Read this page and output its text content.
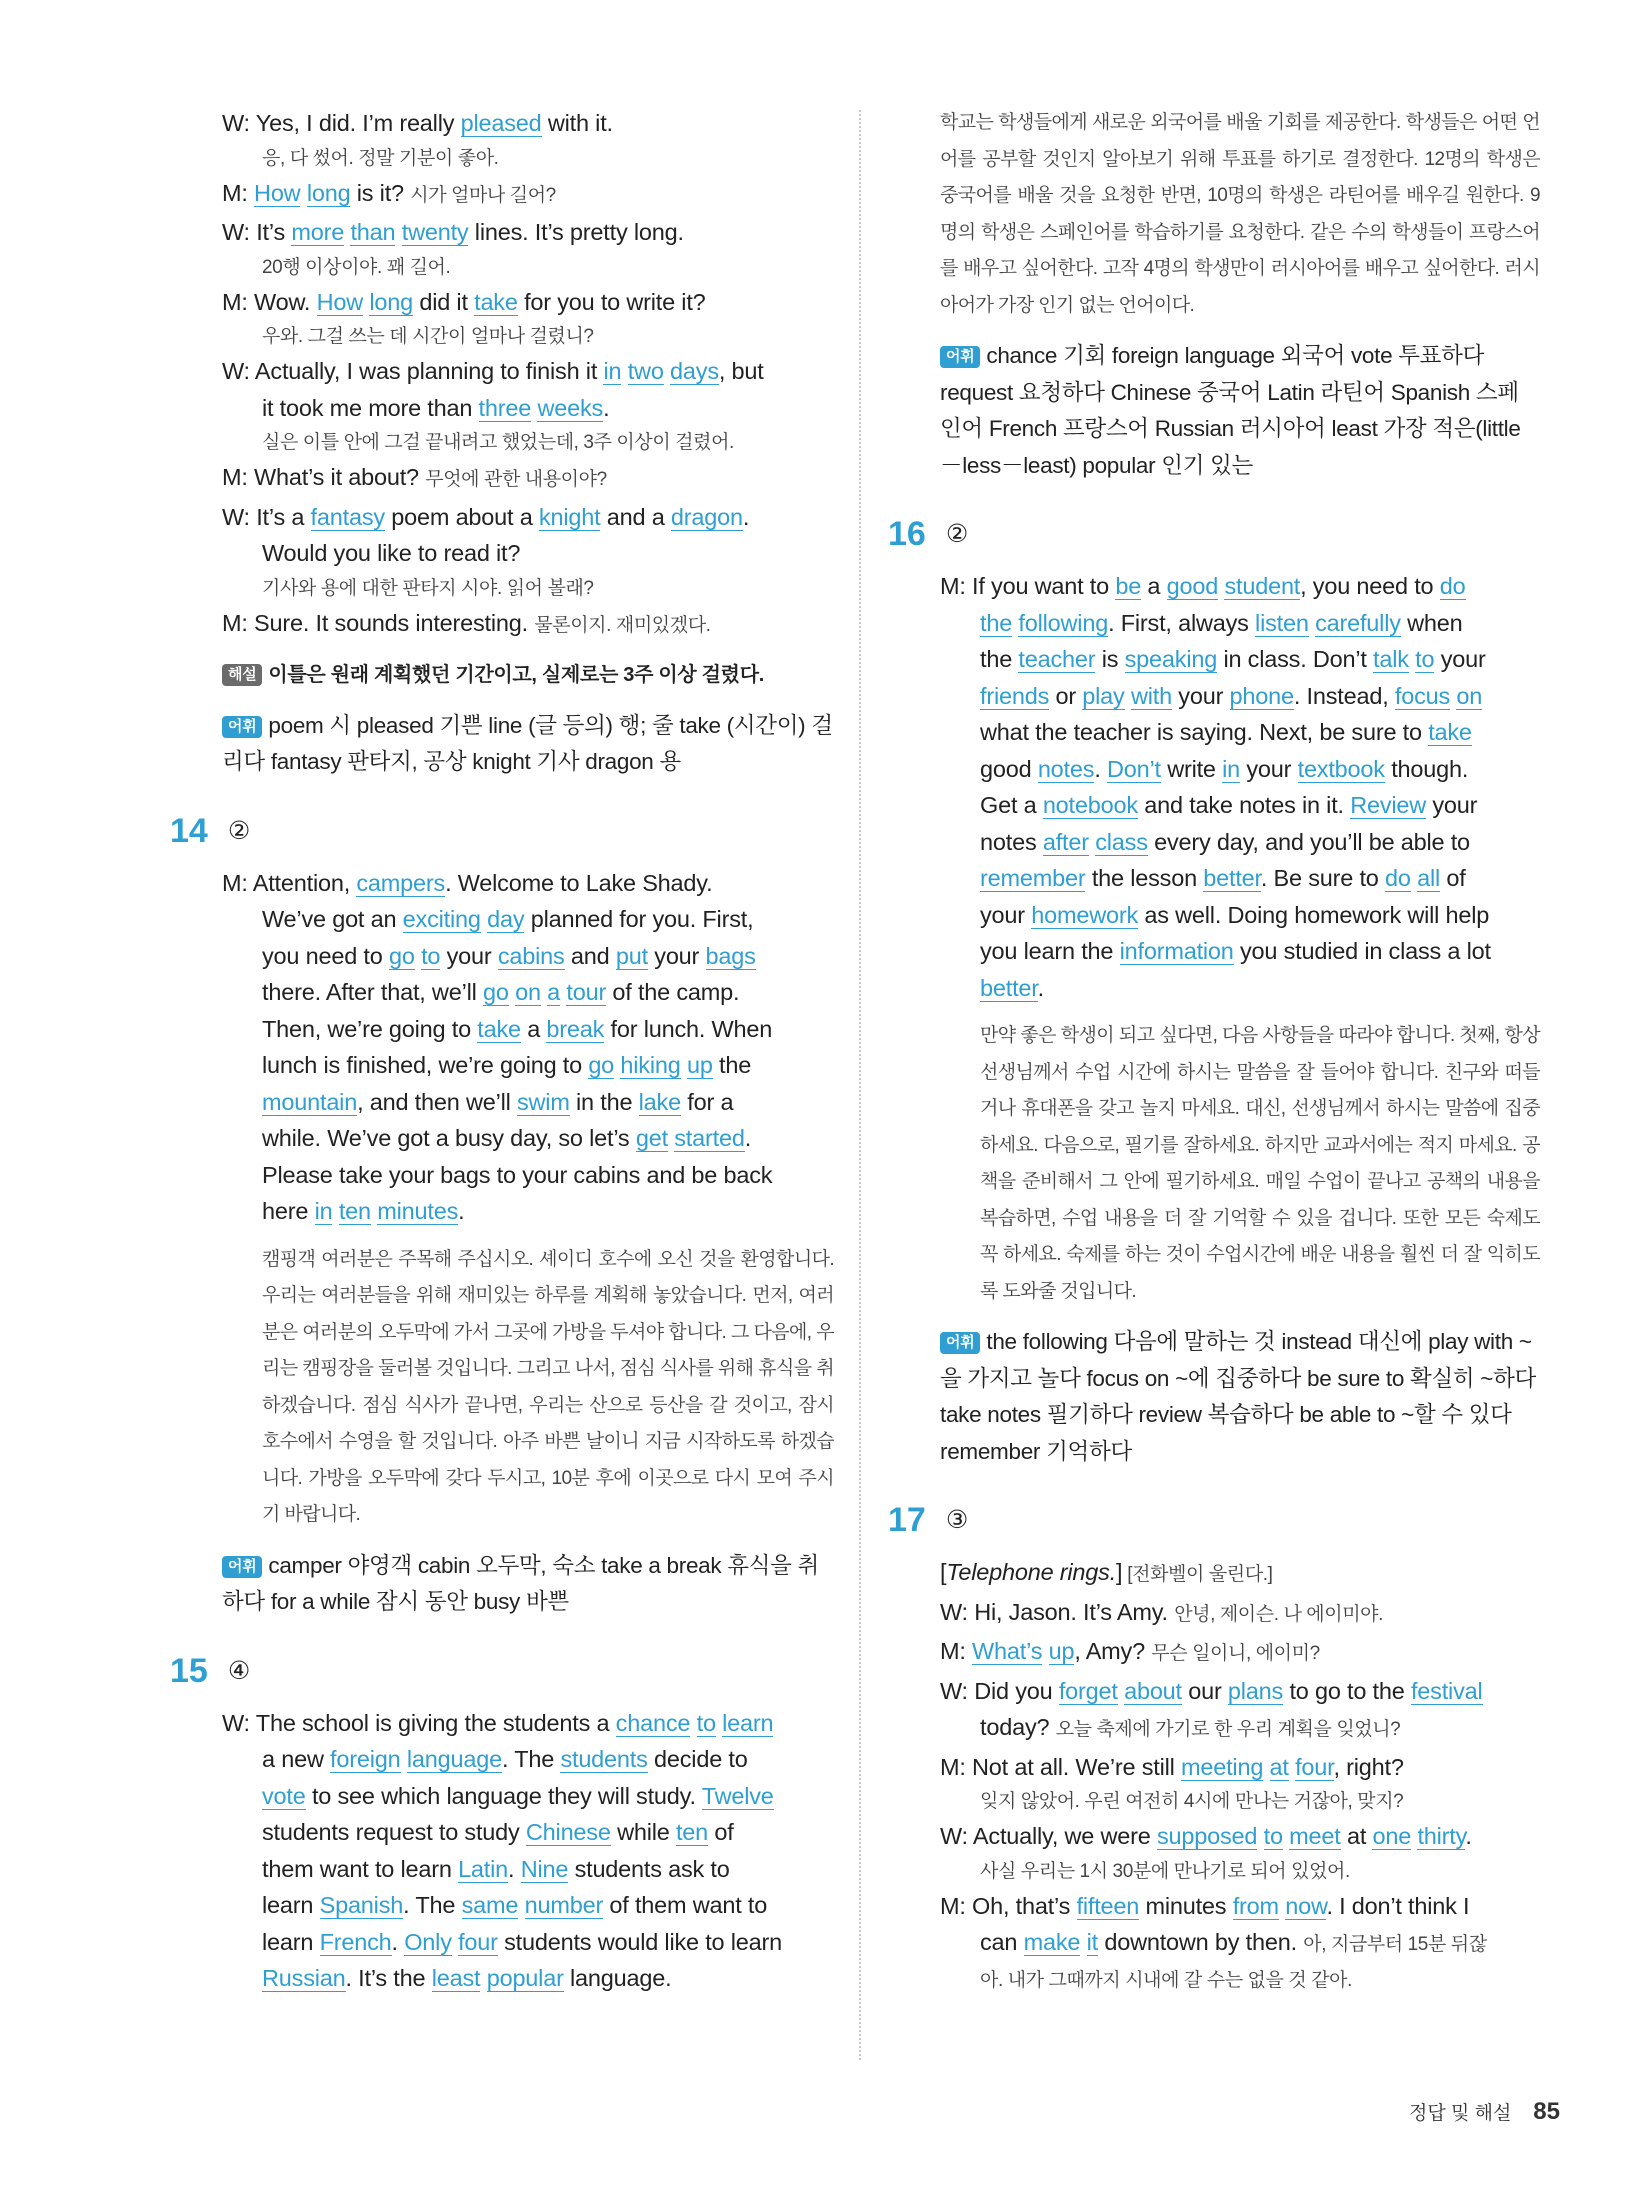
W: Yes, I did. I’m really pleased with it.
응, 다 썼어. 정말 기분이 좋아.
M: How long is it? 시가 얼마나 길어?
W: It’s more than twenty lines. It’s pretty long.
20행 이상이야. 꽤 길어.
M: Wow. How long did it take for you to write it?
우와. 그걸 쓰는 데 시간이 얼마나 걸렸니?
W: Actually, I was planning to finish it in two days, but
it took me more than three weeks.
실은 이틀 안에 그걸 끝내려고 했었는데, 3주 이상이 걸렸어.
M: What’s it about? 무엇에 관한 내용이야?
W: It’s a fantasy poem about a knight and a dragon.
Would you like to read it?
기사와 용에 대한 판타지 시야. 읽어 볼래?
M: Sure. It sounds interesting. 물론이지. 재미있겠다.
해설 이틀은 원래 계획했던 기간이고, 실제로는 3주 이상 걸렸다.
어휘 poem 시 pleased 기쁜 line (글 등의) 행; 줄 take (시간이) 걸리다 fantasy 판타지, 공상 knight 기사 dragon 용
14 ②
M: Attention, campers. Welcome to Lake Shady.
We’ve got an exciting day planned for you. First,
you need to go to your cabins and put your bags
there. After that, we’ll go on a tour of the camp.
Then, we’re going to take a break for lunch. When
lunch is finished, we’re going to go hiking up the
mountain, and then we’ll swim in the lake for a
while. We’ve got a busy day, so let’s get started.
Please take your bags to your cabins and be back
here in ten minutes.
캠핑객 여러분은 주목해 주십시오. 셰이디 호수에 오신 것을 환영합니다. 우리는 여러분들을 위해 재미있는 하루를 계획해 놓았습니다. 먼저, 여러분은 여러분의 오두막에 가서 그곳에 가방을 두셔야 합니다. 그 다음에, 우리는 캠핑장을 둘러볼 것입니다. 그리고 나서, 점심 식사를 위해 휴식을 취하겠습니다. 점심 식사가 끝나면, 우리는 산으로 등산을 갈 것이고, 잠시 호수에서 수영을 할 것입니다. 아주 바쁜 날이니 지금 시작하도록 하겠습니다. 가방을 오두막에 갖다 두시고, 10분 후에 이곳으로 다시 모여 주시기 바랍니다.
어휘 camper 야영객 cabin 오두막, 숙소 take a break 휴식을 취하다 for a while 잠시 동안 busy 바쁜
15 ④
W: The school is giving the students a chance to learn
a new foreign language. The students decide to
vote to see which language they will study. Twelve
students request to study Chinese while ten of
them want to learn Latin. Nine students ask to
learn Spanish. The same number of them want to
learn French. Only four students would like to learn
Russian. It’s the least popular language.
학교는 학생들에게 새로운 외국어를 배울 기회를 제공한다. 학생들은 어떤 언어를 공부할 것인지 알아보기 위해 투표를 하기로 결정한다. 12명의 학생은 중국어를 배울 것을 요청한 반면, 10명의 학생은 라틴어를 배우길 원한다. 9명의 학생은 스페인어를 학습하기를 요청한다. 같은 수의 학생들이 프랑스어를 배우고 싶어한다. 고작 4명의 학생만이 러시아어를 배우고 싶어한다. 러시아어가 가장 인기 없는 언어이다.
어휘 chance 기회 foreign language 외국어 vote 투표하다 request 요청하다 Chinese 중국어 Latin 라틴어 Spanish 스페인어 French 프랑스어 Russian 러시아어 least 가장 적은(little－less－least) popular 인기 있는
16 ②
M: If you want to be a good student, you need to do
the following. First, always listen carefully when
the teacher is speaking in class. Don’t talk to your
friends or play with your phone. Instead, focus on
what the teacher is saying. Next, be sure to take
good notes. Don’t write in your textbook though.
Get a notebook and take notes in it. Review your
notes after class every day, and you’ll be able to
remember the lesson better. Be sure to do all of
your homework as well. Doing homework will help
you learn the information you studied in class a lot
better.
만약 좋은 학생이 되고 싶다면, 다음 사항들을 따라야 합니다. 첫째, 항상 선생님께서 수업 시간에 하시는 말씀을 잘 들어야 합니다. 친구와 떠들거나 휴대폰을 갖고 놀지 마세요. 대신, 선생님께서 하시는 말씀에 집중하세요. 다음으로, 필기를 잘하세요. 하지만 교과서에는 적지 마세요. 공책을 준비해서 그 안에 필기하세요. 매일 수업이 끝나고 공책의 내용을 복습하면, 수업 내용을 더 잘 기억할 수 있을 겁니다. 또한 모든 숙제도 꼭 하세요. 숙제를 하는 것이 수업시간에 배운 내용을 훨씬 더 잘 익히도록 도와줄 것입니다.
어휘 the following 다음에 말하는 것 instead 대신에 play with ~을 가지고 놀다 focus on ~에 집중하다 be sure to 확실히 ~하다 take notes 필기하다 review 복습하다 be able to ~할 수 있다 remember 기억하다
17 ③
[Telephone rings.] [전화벨이 울린다.]
W: Hi, Jason. It’s Amy. 안녕, 제이슨. 나 에이미야.
M: What’s up, Amy? 무슨 일이니, 에이미?
W: Did you forget about our plans to go to the festival
today? 오늘 축제에 가기로 한 우리 계획을 잊었니?
M: Not at all. We’re still meeting at four, right?
잊지 않았어. 우린 여전히 4시에 만나는 거잖아, 맞지?
W: Actually, we were supposed to meet at one thirty.
사실 우리는 1시 30분에 만나기로 되어 있었어.
M: Oh, that’s fifteen minutes from now. I don’t think I
can make it downtown by then. 아, 지금부터 15분 뒤잖
아. 내가 그때까지 시내에 갈 수는 없을 것 같아.
정답 및 해설 85
